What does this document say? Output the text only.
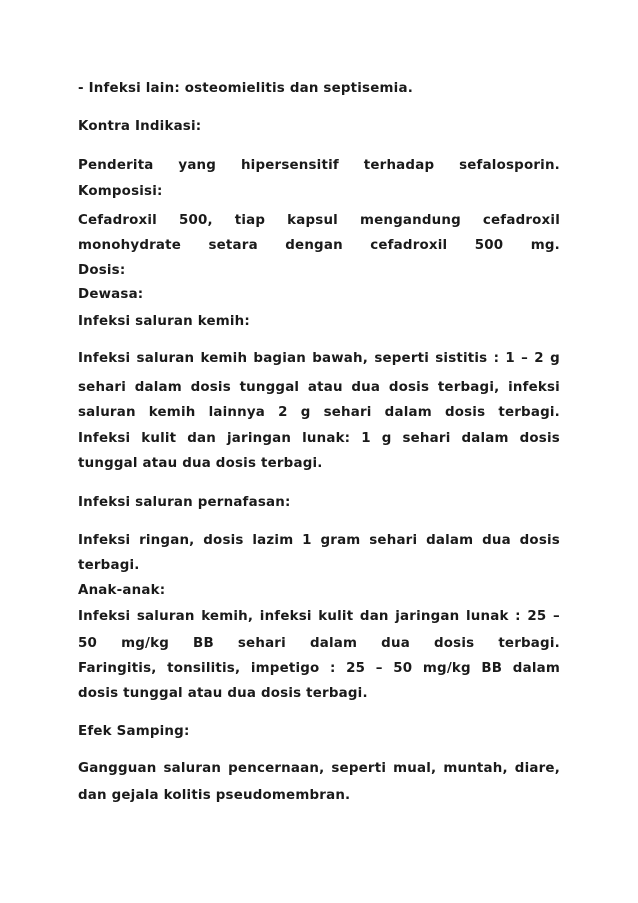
- Infeksi lain: osteomielitis dan septisemia.
Kontra Indikasi:
Penderita yang hipersensitif terhadap sefalosporin.
Komposisi:
Cefadroxil 500, tiap kapsul mengandung cefadroxil
monohydrate setara dengan cefadroxil 500 mg.
Dosis:
Dewasa:
Infeksi saluran kemih:
Infeksi saluran kemih bagian bawah, seperti sistitis : 1 – 2 g
sehari dalam dosis tunggal atau dua dosis terbagi, infeksi
saluran kemih lainnya 2 g sehari dalam dosis terbagi.
Infeksi kulit dan jaringan lunak: 1 g sehari dalam dosis
tunggal atau dua dosis terbagi.
Infeksi saluran pernafasan:
Infeksi ringan, dosis lazim 1 gram sehari dalam dua dosis
terbagi.
Anak-anak:
Infeksi saluran kemih, infeksi kulit dan jaringan lunak : 25 –
50 mg/kg BB sehari dalam dua dosis terbagi.
Faringitis, tonsilitis, impetigo : 25 – 50 mg/kg BB dalam
dosis tunggal atau dua dosis terbagi.
Efek Samping:
Gangguan saluran pencernaan, seperti mual, muntah, diare,
dan gejala kolitis pseudomembran.
